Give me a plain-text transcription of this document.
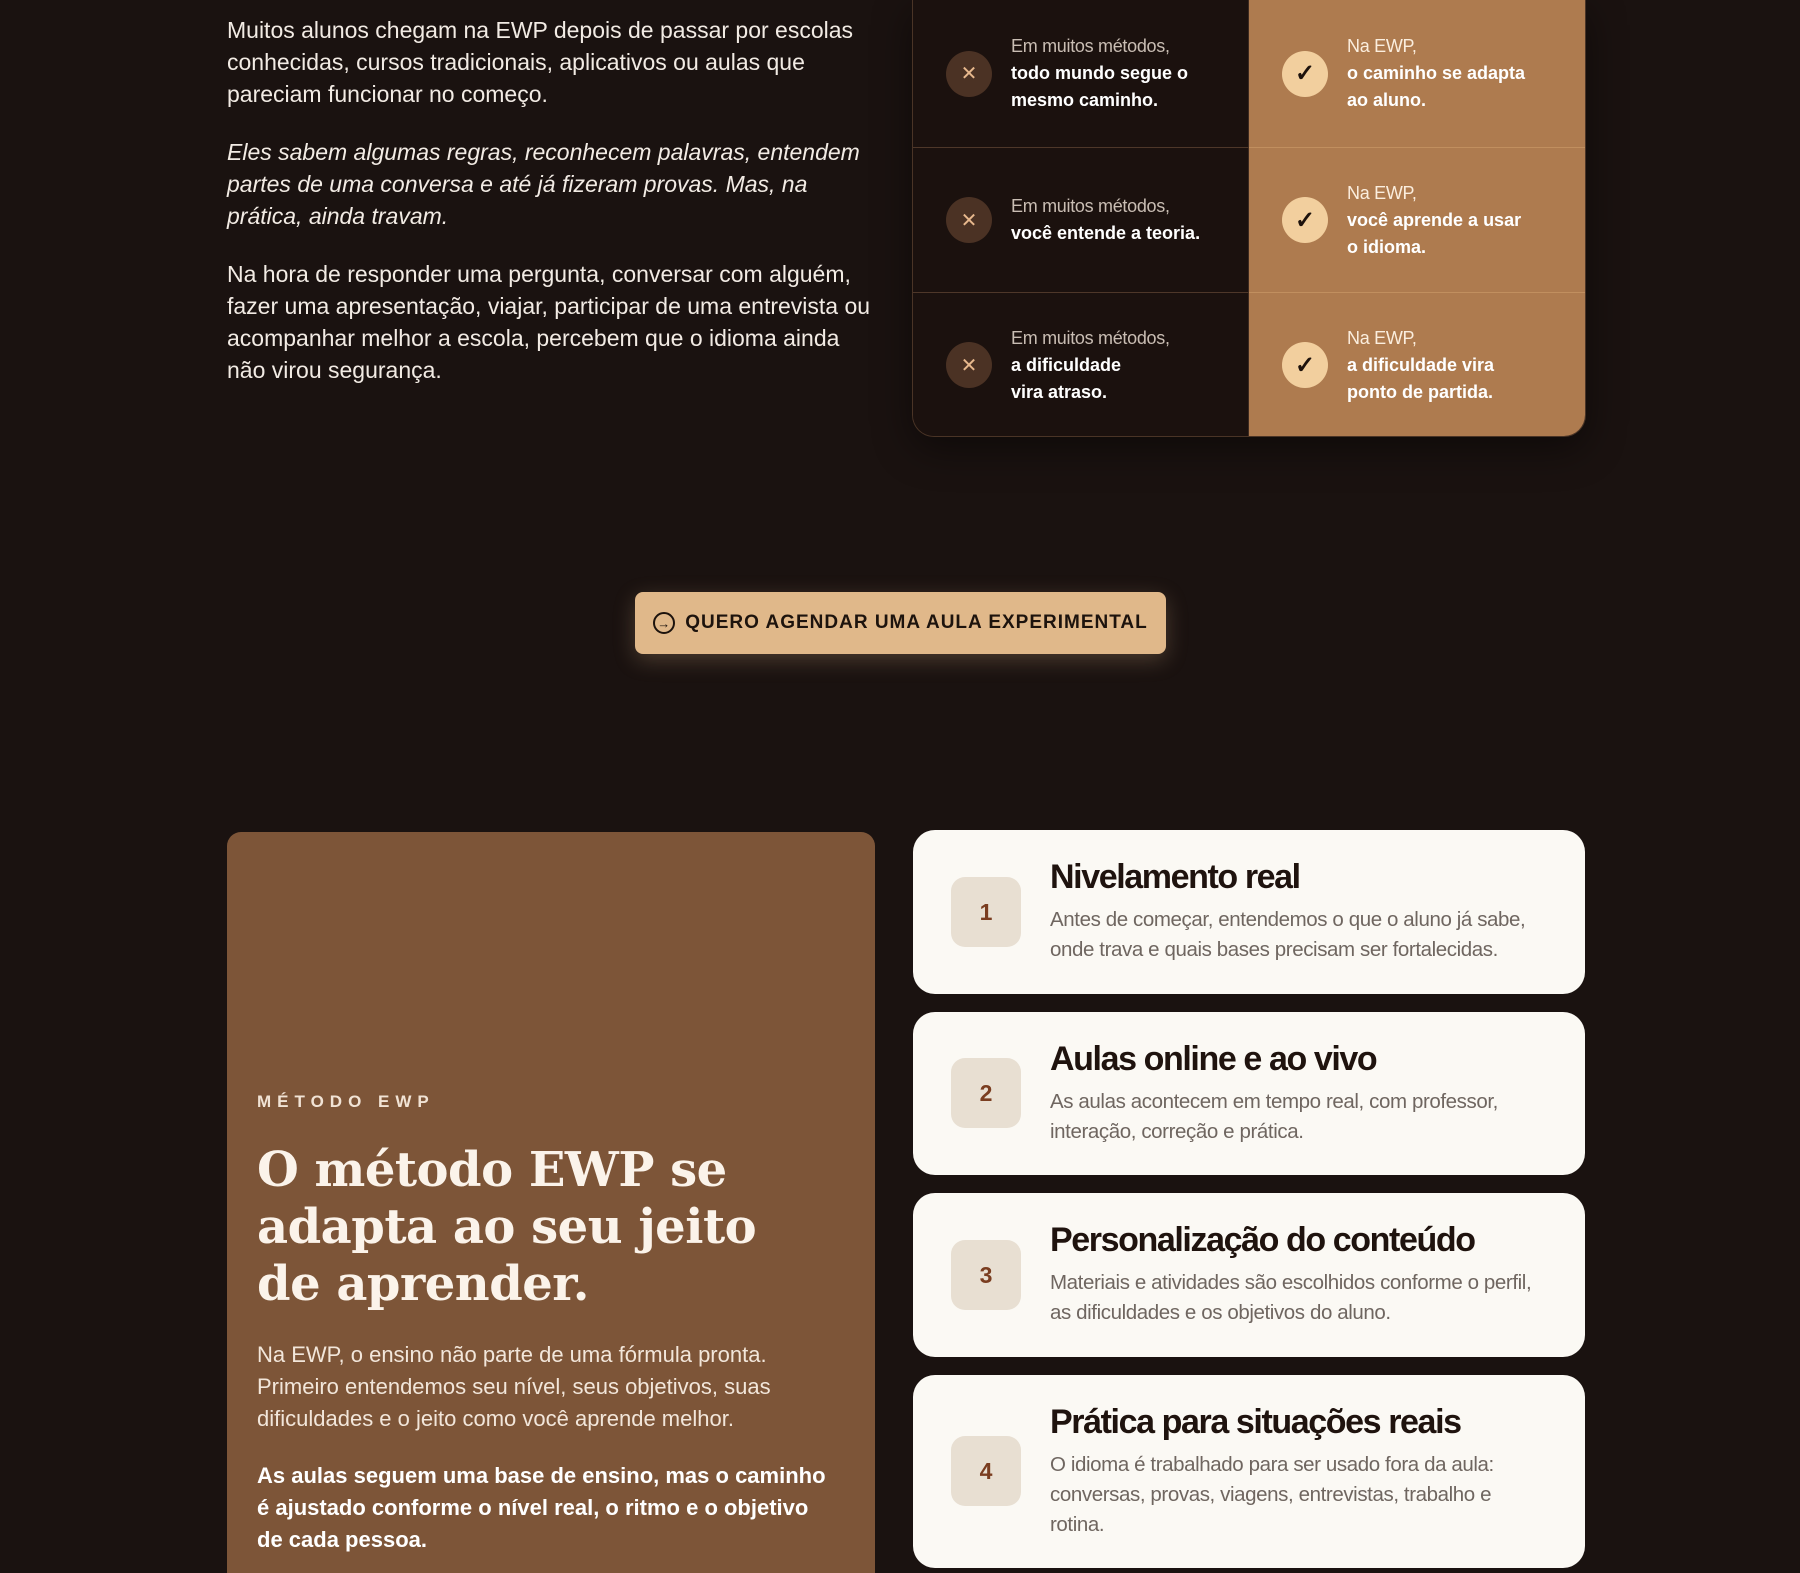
Muitos alunos chegam na EWP depois de passar por escolas conhecidas, cursos tradicionais, aplicativos ou aulas que pareciam funcionar no começo.

Eles sabem algumas regras, reconhecem palavras, entendem partes de uma conversa e até já fizeram provas. Mas, na prática, ainda travam.

Na hora de responder uma pergunta, conversar com alguém, fazer uma apresentação, viajar, participar de uma entrevista ou acompanhar melhor a escola, percebem que o idioma ainda não virou segurança.

✕
Em muitos métodos,
todo mundo segue o
mesmo caminho.
✓
Na EWP,
o caminho se adapta
ao aluno.
✕
Em muitos métodos,
você entende a teoria.	✓
Na EWP,
você aprende a usar
o idioma.
✕
Em muitos métodos,
a dificuldade
vira atraso.
✓
Na EWP,
a dificuldade vira
ponto de partida.
→ QUERO AGENDAR UMA AULA EXPERIMENTAL
MÉTODO EWP
O método EWP se adapta ao seu jeito de aprender.

Na EWP, o ensino não parte de uma fórmula pronta. Primeiro entendemos seu nível, seus objetivos, suas dificuldades e o jeito como você aprende melhor.

As aulas seguem uma base de ensino, mas o caminho é ajustado conforme o nível real, o ritmo e o objetivo de cada pessoa.

1
Nivelamento real

Antes de começar, entendemos o que o aluno já sabe, onde trava e quais bases precisam ser fortalecidas.

2
Aulas online e ao vivo

As aulas acontecem em tempo real, com professor, interação, correção e prática.

3
Personalização do conteúdo

Materiais e atividades são escolhidos conforme o perfil, as dificuldades e os objetivos do aluno.

4
Prática para situações reais

O idioma é trabalhado para ser usado fora da aula: conversas, provas, viagens, entrevistas, trabalho e rotina.
